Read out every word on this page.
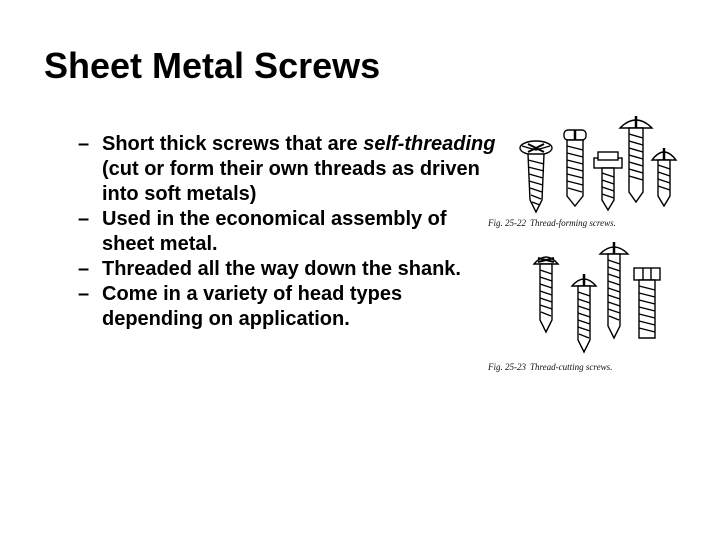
Sheet Metal Screws
– Short thick screws that are self-threading (cut or form their own threads as driven into soft metals)
– Used in the economical assembly of sheet metal.
– Threaded all the way down the shank.
– Come in a variety of head types depending on application.
Fig. 25-22 Thread-forming screws.
Fig. 25-23 Thread-cutting screws.
